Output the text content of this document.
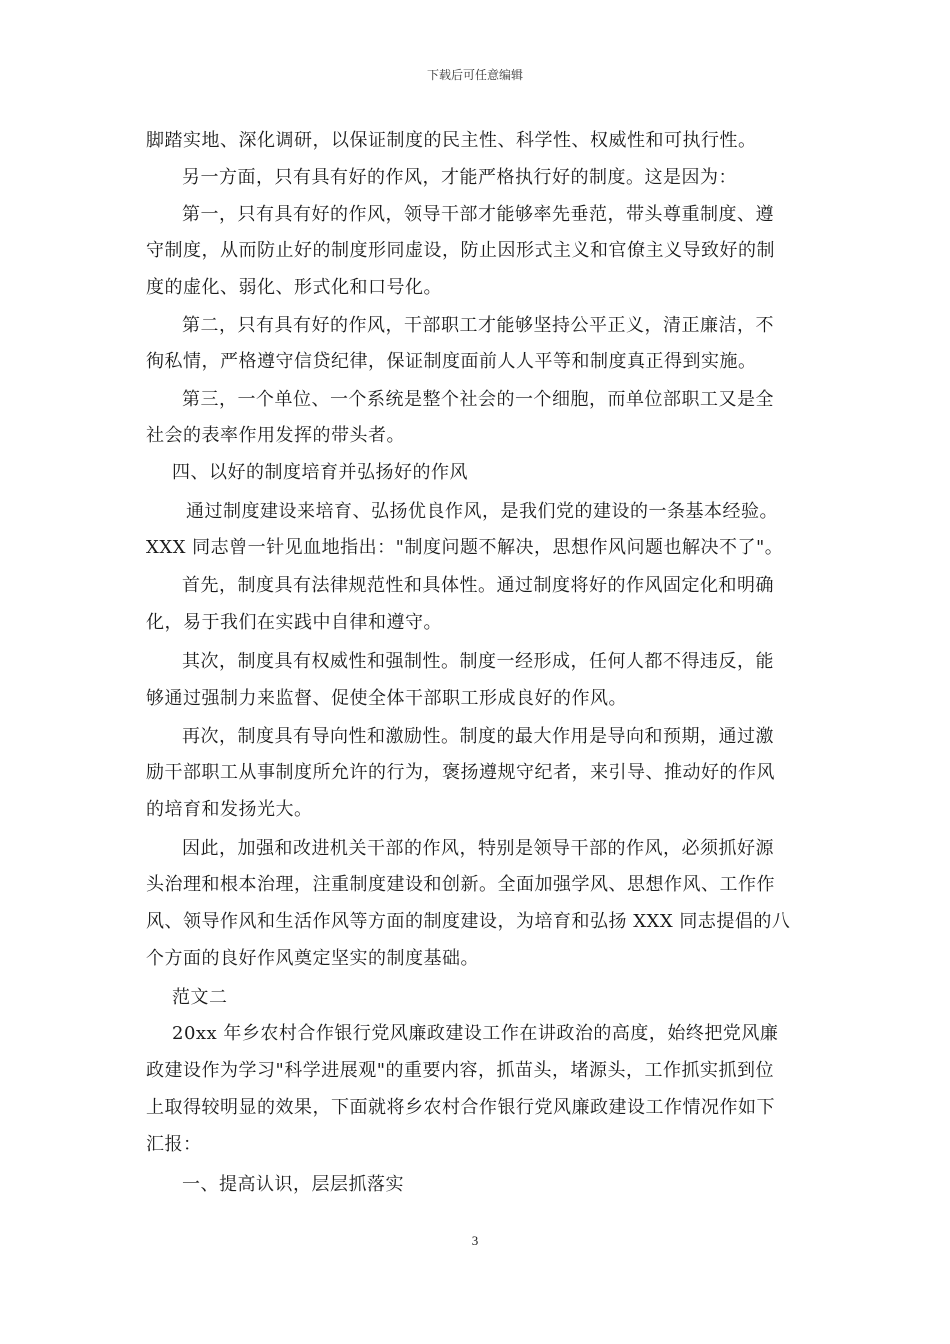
下载后可任意编辑
脚踏实地、深化调研，以保证制度的民主性、科学性、权威性和可执行性。
另一方面，只有具有好的作风，才能严格执行好的制度。这是因为：
第一，只有具有好的作风，领导干部才能够率先垂范，带头尊重制度、遵
守制度，从而防止好的制度形同虚设，防止因形式主义和官僚主义导致好的制
度的虚化、弱化、形式化和口号化。
第二，只有具有好的作风，干部职工才能够坚持公平正义，清正廉洁，不
徇私情，严格遵守信贷纪律，保证制度面前人人平等和制度真正得到实施。
第三，一个单位、一个系统是整个社会的一个细胞，而单位部职工又是全
社会的表率作用发挥的带头者。
四、以好的制度培育并弘扬好的作风
通过制度建设来培育、弘扬优良作风，是我们党的建设的一条基本经验。
XXX 同志曾一针见血地指出："制度问题不解决，思想作风问题也解决不了"。
首先，制度具有法律规范性和具体性。通过制度将好的作风固定化和明确
化，易于我们在实践中自律和遵守。
其次，制度具有权威性和强制性。制度一经形成，任何人都不得违反，能
够通过强制力来监督、促使全体干部职工形成良好的作风。
再次，制度具有导向性和激励性。制度的最大作用是导向和预期，通过激
励干部职工从事制度所允许的行为，褒扬遵规守纪者，来引导、推动好的作风
的培育和发扬光大。
因此，加强和改进机关干部的作风，特别是领导干部的作风，必须抓好源
头治理和根本治理，注重制度建设和创新。全面加强学风、思想作风、工作作
风、领导作风和生活作风等方面的制度建设，为培育和弘扬 XXX 同志提倡的八
个方面的良好作风奠定坚实的制度基础。
范文二
20xx 年乡农村合作银行党风廉政建设工作在讲政治的高度，始终把党风廉
政建设作为学习"科学进展观"的重要内容，抓苗头，堵源头，工作抓实抓到位
上取得较明显的效果，下面就将乡农村合作银行党风廉政建设工作情况作如下
汇报：
一、提高认识，层层抓落实
3
